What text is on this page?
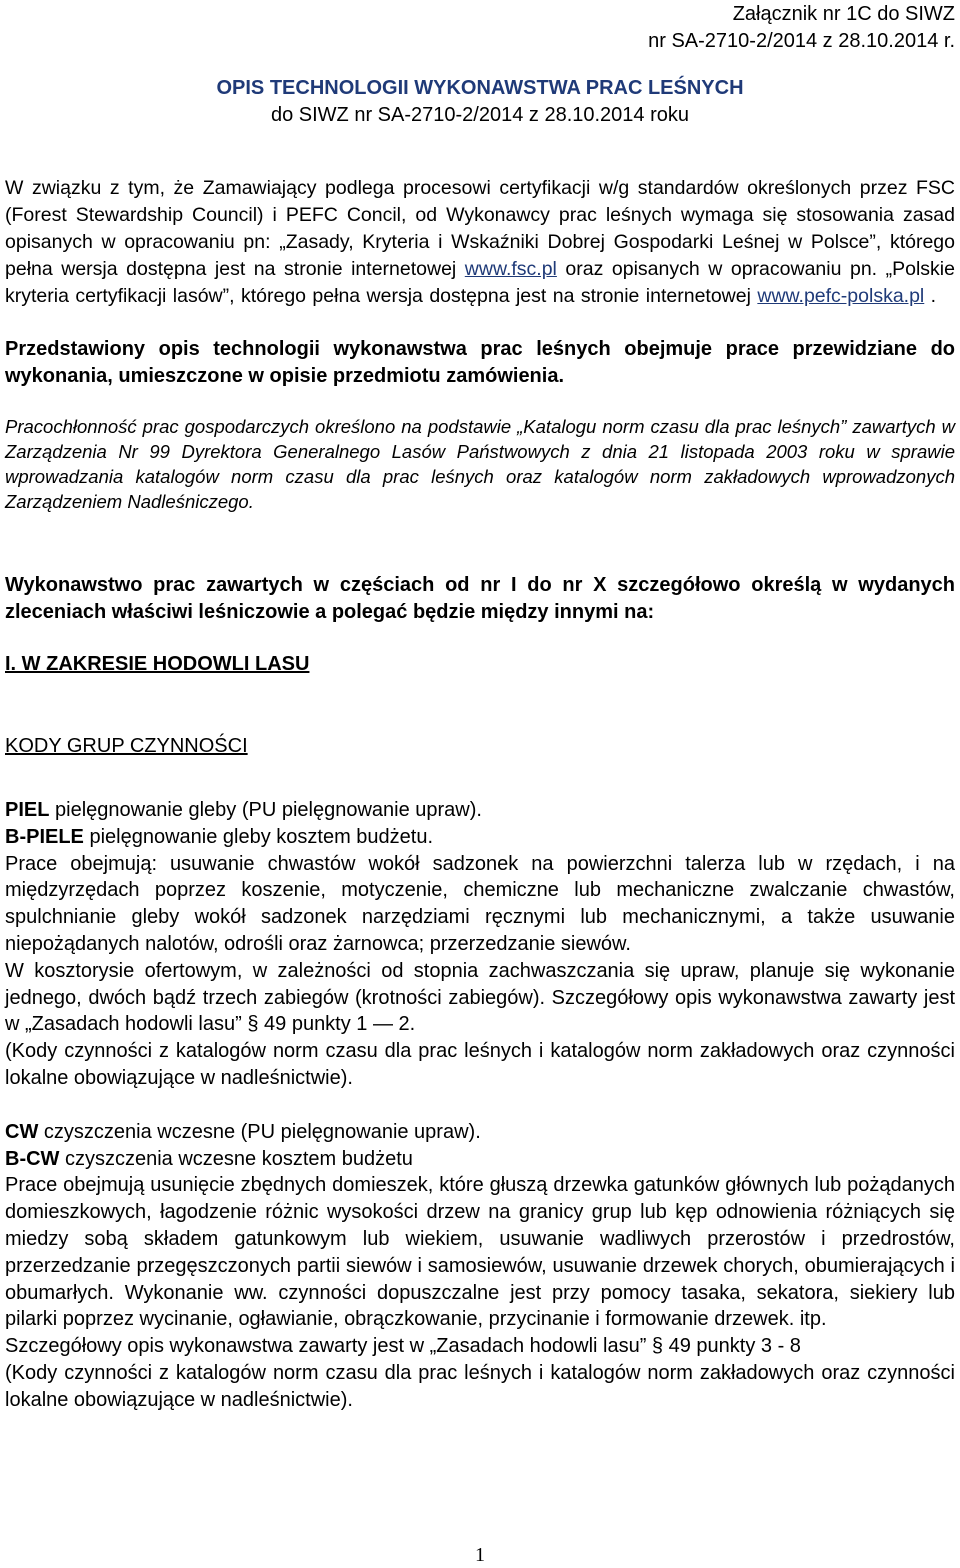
Załącznik nr 1C do SIWZ

nr SA-2710-2/2014 z 28.10.2014 r.

OPIS TECHNOLOGII WYKONAWSTWA PRAC LEŚNYCH

do SIWZ nr SA-2710-2/2014 z 28.10.2014 roku

W związku z tym, że Zamawiający podlega procesowi certyfikacji w/g standardów określonych przez FSC (Forest Stewardship Council) i PEFC Concil, od Wykonawcy prac leśnych wymaga się stosowania zasad opisanych w opracowaniu pn: „Zasady, Kryteria i Wskaźniki Dobrej Gospodarki Leśnej w Polsce”, którego pełna wersja dostępna jest na stronie internetowej www.fsc.pl oraz opisanych w opracowaniu pn. „Polskie kryteria certyfikacji lasów”, którego pełna wersja dostępna jest na stronie internetowej www.pefc-polska.pl .

Przedstawiony opis technologii wykonawstwa prac leśnych obejmuje prace przewidziane do wykonania, umieszczone w opisie przedmiotu zamówienia.

Pracochłonność prac gospodarczych określono na podstawie „Katalogu norm czasu dla prac leśnych” zawartych w Zarządzenia Nr 99 Dyrektora Generalnego Lasów Państwowych z dnia 21 listopada 2003 roku w sprawie wprowadzania katalogów norm czasu dla prac leśnych oraz katalogów norm zakładowych wprowadzonych Zarządzeniem Nadleśniczego.

Wykonawstwo prac zawartych w częściach od nr I do nr X szczegółowo określą w wydanych zleceniach właściwi leśniczowie a polegać będzie między innymi na:

I. W ZAKRESIE HODOWLI LASU

KODY GRUP CZYNNOŚCI

PIEL pielęgnowanie gleby (PU pielęgnowanie upraw).

B-PIELE pielęgnowanie gleby kosztem budżetu.

Prace obejmują: usuwanie chwastów wokół sadzonek na powierzchni talerza lub w rzędach, i na międzyrzędach poprzez koszenie, motyczenie, chemiczne lub mechaniczne zwalczanie chwastów, spulchnianie gleby wokół sadzonek narzędziami ręcznymi lub mechanicznymi, a także usuwanie niepożądanych nalotów, odrośli oraz żarnowca; przerzedzanie siewów.

W kosztorysie ofertowym, w zależności od stopnia zachwaszczania się upraw, planuje się wykonanie jednego, dwóch bądź trzech zabiegów (krotności zabiegów). Szczegółowy opis wykonawstwa zawarty jest w „Zasadach hodowli lasu” § 49 punkty 1 — 2.

(Kody czynności z katalogów norm czasu dla prac leśnych i katalogów norm zakładowych oraz czynności lokalne obowiązujące w nadleśnictwie).

CW czyszczenia wczesne (PU pielęgnowanie upraw).

B-CW czyszczenia wczesne kosztem budżetu

Prace obejmują usunięcie zbędnych domieszek, które głuszą drzewka gatunków głównych lub pożądanych domieszkowych, łagodzenie różnic wysokości drzew na granicy grup lub kęp odnowienia różniących się miedzy sobą składem gatunkowym lub wiekiem, usuwanie wadliwych przerostów i przedrostów, przerzedzanie przegęszczonych partii siewów i samosiewów, usuwanie drzewek chorych, obumierających i obumarłych. Wykonanie ww. czynności dopuszczalne jest przy pomocy tasaka, sekatora, siekiery lub pilarki poprzez wycinanie, ogławianie, obrączkowanie, przycinanie i formowanie drzewek. itp.

Szczegółowy opis wykonawstwa zawarty jest w „Zasadach hodowli lasu” § 49 punkty 3 - 8

(Kody czynności z katalogów norm czasu dla prac leśnych i katalogów norm zakładowych oraz czynności lokalne obowiązujące w nadleśnictwie).

1
